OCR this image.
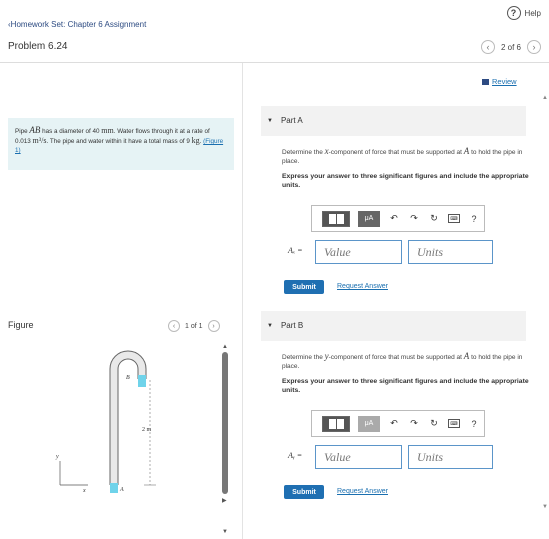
?	Help
‹Homework Set: Chapter 6 Assignment
Problem 6.24	‹ 2 of 6 ›
Pipe AB has a diameter of 40 mm. Water flows through it at a rate of 0.013 m³/s. The pipe and water within it have a total mass of 9 kg. (Figure 1)
Figure	‹ 1 of 1 ›
2 m
B
A
y
x
▲
▶
▼
Review
▼ Part A
Determine the x-component of force that must be supported at A to hold the pipe in place.
Express your answer to three significant figures and include the appropriate units.
μA	↶ ↷ ↻	⌨	?
Aₓ =	Value	Units
Submit	Request Answer
▼ Part B
Determine the y-component of force that must be supported at A to hold the pipe in place.
Express your answer to three significant figures and include the appropriate units.
μA	↶ ↷ ↻	⌨	?
Aᵧ =	Value	Units
Submit	Request Answer
▲
▼
